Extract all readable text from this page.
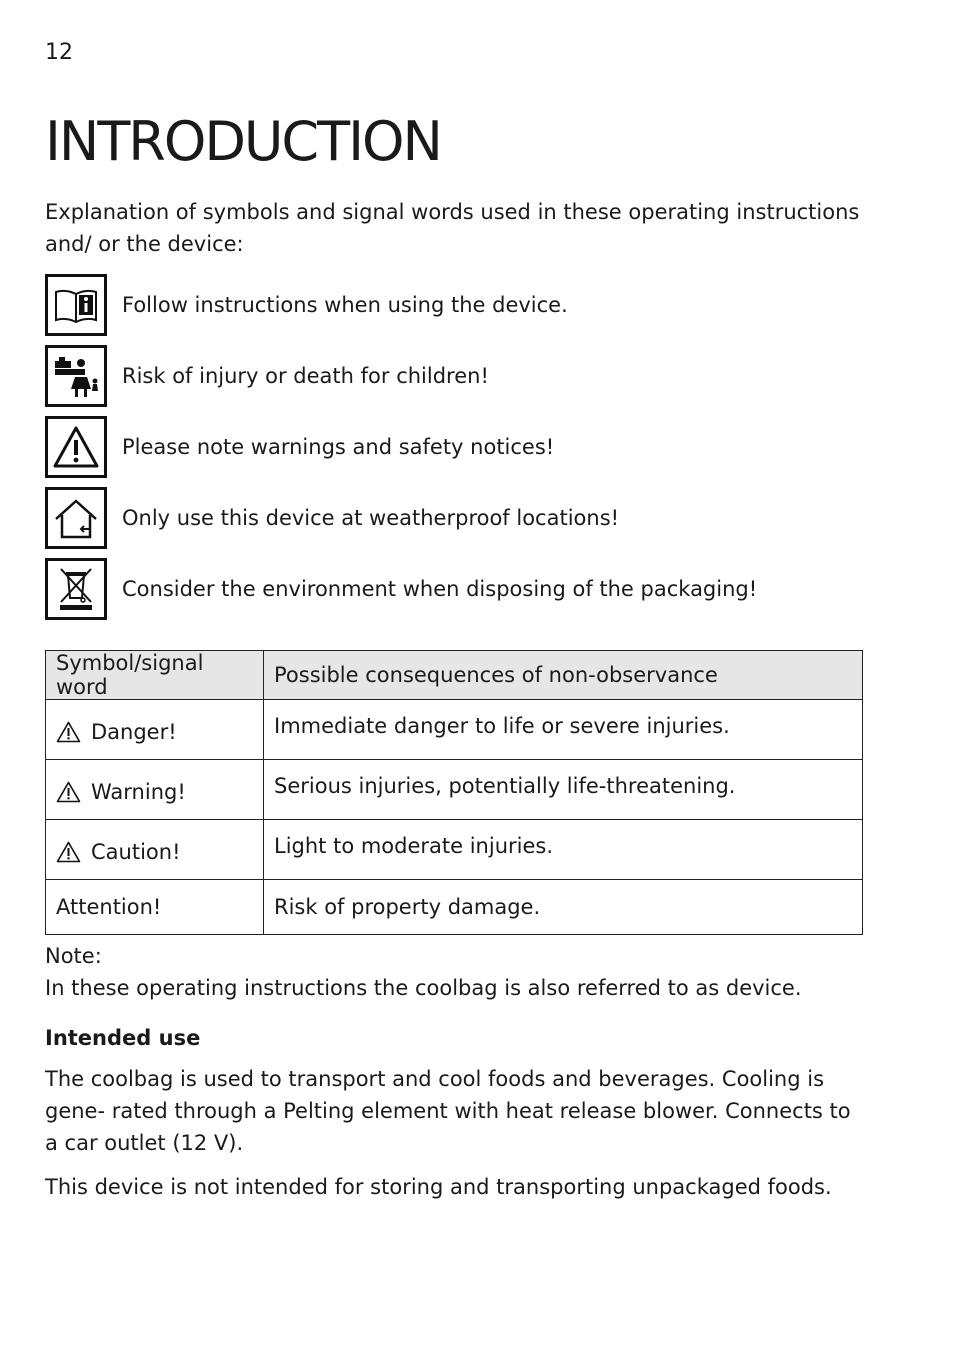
12
INTRODUCTION

Explanation of symbols and signal words used in these operating instructions and/ or the device:

Follow instructions when using the device.
Risk of injury or death for children!
Please note warnings and safety notices!
Only use this device at weatherproof locations!
Consider the environment when disposing of the packaging!
Symbol/signal word	Possible consequences of non-observance

Danger!	Immediate danger to life or severe injuries.

Warning!	Serious injuries, potentially life-threatening.

Caution!	Light to moderate injuries.
Attention!	Risk of property damage.
Note:
In these operating instructions the coolbag is also referred to as device.
Intended use

The coolbag is used to transport and cool foods and beverages. Cooling is gene- rated through a Pelting element with heat release blower. Connects to a car outlet (12 V).

This device is not intended for storing and transporting unpackaged foods.
